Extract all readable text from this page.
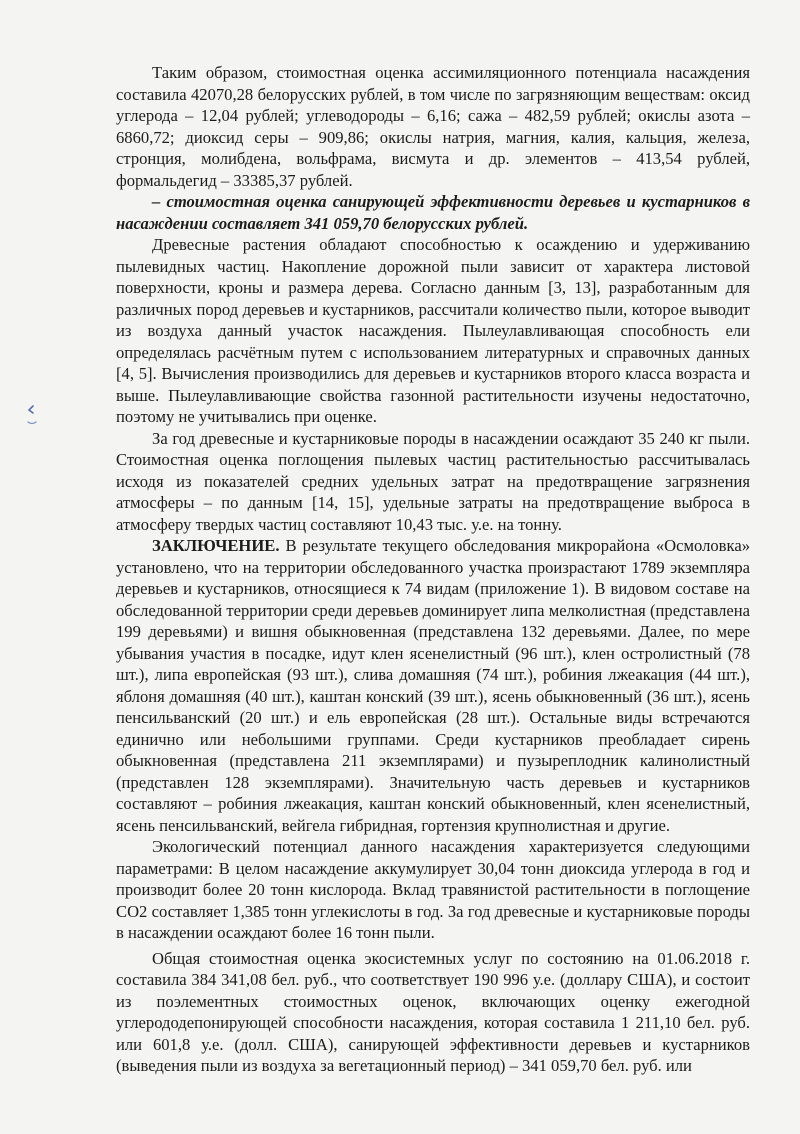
Таким образом, стоимостная оценка ассимиляционного потенциала насаждения составила 42070,28 белорусских рублей, в том числе по загрязняющим веществам: оксид углерода – 12,04 рублей; углеводороды – 6,16; сажа – 482,59 рублей; окислы азота – 6860,72; диоксид серы – 909,86; окислы натрия, магния, калия, кальция, железа, стронция, молибдена, вольфрама, висмута и др. элементов – 413,54 рублей, формальдегид – 33385,37 рублей.

– стоимостная оценка санирующей эффективности деревьев и кустарников в насаждении составляет 341 059,70 белорусских рублей.

Древесные растения обладают способностью к осаждению и удерживанию пылевидных частиц. Накопление дорожной пыли зависит от характера листовой поверхности, кроны и размера дерева. Согласно данным [3, 13], разработанным для различных пород деревьев и кустарников, рассчитали количество пыли, которое выводит из воздуха данный участок насаждения. Пылеулавливающая способность ели определялась расчётным путем с использованием литературных и справочных данных [4, 5]. Вычисления производились для деревьев и кустарников второго класса возраста и выше. Пылеулавливающие свойства газонной растительности изучены недостаточно, поэтому не учитывались при оценке.

За год древесные и кустарниковые породы в насаждении осаждают 35 240 кг пыли. Стоимостная оценка поглощения пылевых частиц растительностью рассчитывалась исходя из показателей средних удельных затрат на предотвращение загрязнения атмосферы – по данным [14, 15], удельные затраты на предотвращение выброса в атмосферу твердых частиц составляют 10,43 тыс. у.е. на тонну.

ЗАКЛЮЧЕНИЕ. В результате текущего обследования микрорайона «Осмоловка» установлено, что на территории обследованного участка произрастают 1789 экземпляра деревьев и кустарников, относящиеся к 74 видам (приложение 1). В видовом составе на обследованной территории среди деревьев доминирует липа мелколистная (представлена 199 деревьями) и вишня обыкновенная (представлена 132 деревьями. Далее, по мере убывания участия в посадке, идут клен ясенелистный (96 шт.), клен остролистный (78 шт.), липа европейская (93 шт.), слива домашняя (74 шт.), робиния лжеакация (44 шт.), яблоня домашняя (40 шт.), каштан конский (39 шт.), ясень обыкновенный (36 шт.), ясень пенсильванский (20 шт.) и ель европейская (28 шт.). Остальные виды встречаются единично или небольшими группами. Среди кустарников преобладает сирень обыкновенная (представлена 211 экземплярами) и пузыреплодник калинолистный (представлен 128 экземплярами). Значительную часть деревьев и кустарников составляют – робиния лжеакация, каштан конский обыкновенный, клен ясенелистный, ясень пенсильванский, вейгела гибридная, гортензия крупнолистная и другие.

Экологический потенциал данного насаждения характеризуется следующими параметрами: В целом насаждение аккумулирует 30,04 тонн диоксида углерода в год и производит более 20 тонн кислорода. Вклад травянистой растительности в поглощение СО2 составляет 1,385 тонн углекислоты в год. За год древесные и кустарниковые породы в насаждении осаждают более 16 тонн пыли.

Общая стоимостная оценка экосистемных услуг по состоянию на 01.06.2018 г. составила 384 341,08 бел. руб., что соответствует 190 996 у.е. (доллару США), и состоит из поэлементных стоимостных оценок, включающих оценку ежегодной углерододепонирующей способности насаждения, которая составила 1 211,10 бел. руб. или 601,8 у.е. (долл. США), санирующей эффективности деревьев и кустарников (выведения пыли из воздуха за вегетационный период) – 341 059,70 бел. руб. или
